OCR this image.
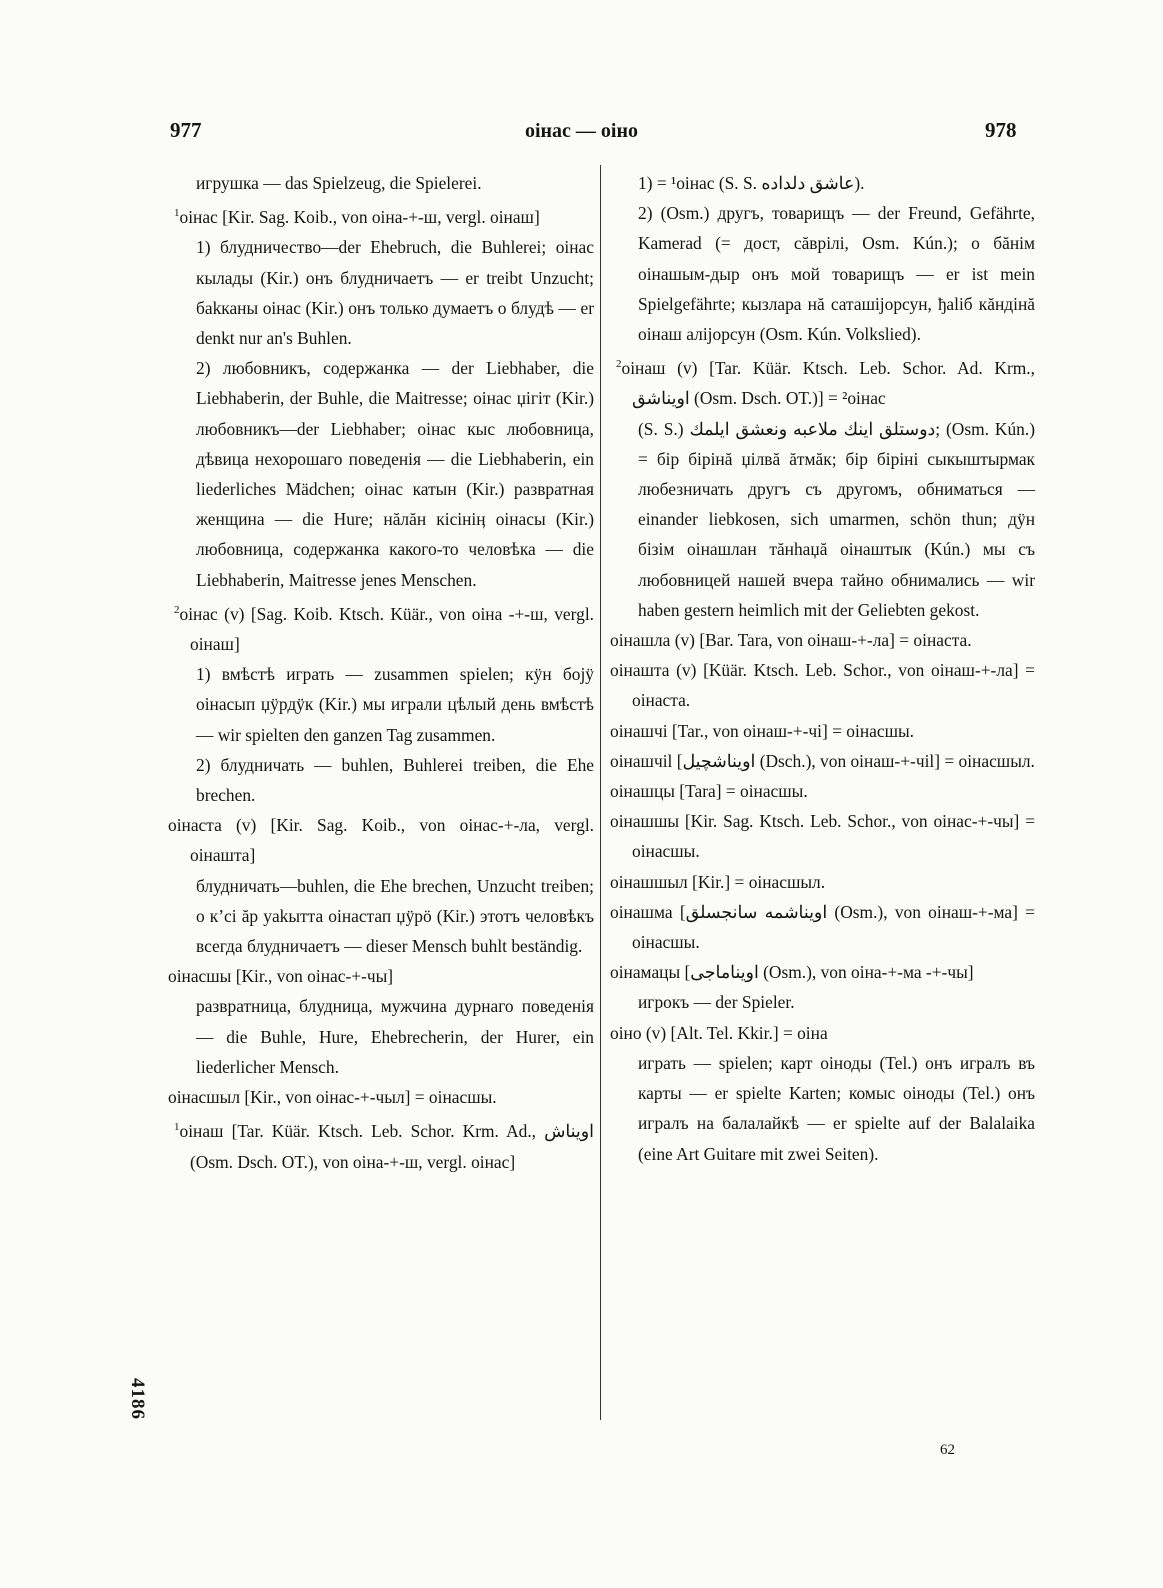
977	оінас — оіно	978

игрушка — das Spielzeug, die Spielerei.

$^1$оінас [Kir. Sag. Koib., von оіна-+-ш, vergl. оінаш]

1) блудничество—der Ehebruch, die Buhlerei; оінас кылады (Kir.) онъ блудничаетъ — er treibt Unzucht; бakканы оінас (Kir.) онъ только думаетъ о блудѣ — er denkt nur an's Buhlen.

2) любовникъ, содержанка — der Liebhaber, die Liebhaberin, der Buhle, die Maitresse; оінас џігіт (Kir.) любовникъ—der Liebhaber; оінас кыс любовница, дѣвица нехорошаго поведенія — die Liebhaberin, ein liederliches Mädchen; оінас катын (Kir.) развратная женщина — die Hure; нăлăн кісініӊ оінасы (Kir.) любовница, содержанка какого-то человѣка — die Liebhaberin, Maitresse jenes Menschen.

$^2$оінас (v) [Sag. Koib. Ktsch. Küär., von оіна -+-ш, vergl. оінаш]

1) вмѣстѣ играть — zusammen spielen; кӱн бојӱ оінасып џӱрдӱк (Kir.) мы играли цѣлый день вмѣстѣ — wir spielten den ganzen Tag zusammen.

2) блудничать — buhlen, Buhlerei treiben, die Ehe brechen.

оінаста (v) [Kir. Sag. Koib., von оінас-+-ла, vergl. оінашта]

блудничать—buhlen, die Ehe brechen, Unzucht treiben; о к’сі ăр yakытта оінастап џӱрö (Kir.) этотъ человѣкъ всегда блудничаетъ — dieser Mensch buhlt beständig.

оінасшы [Kir., von оінас-+-чы]

развратница, блудница, мужчина дурнаго поведенія — die Buhle, Hure, Ehebrecherin, der Hurer, ein liederlicher Mensch.

оінасшыл [Kir., von оінас-+-чыл] = оінасшы.

$^1$оінаш [Tar. Küär. Ktsch. Leb. Schor. Krm. Ad., اويناش (Osm. Dsch. OT.), von оіна-+-ш, vergl. оінас]

1) = ¹оінас (S. S. عاشق دلداده).

2) (Osm.) другъ, товарищъ — der Freund, Gefährte, Kamerad (= дост, сăврілі, Osm. Kún.); о бăнім оінашым-дыр онъ мой товарищъ — er ist mein Spielgefährte; кызлара нă саташіјорсун, ђaliб кăндінă оінаш алiјорсун (Osm. Kún. Volkslied).

$^2$оінаш (v) [Tar. Küär. Ktsch. Leb. Schor. Ad. Krm., اويناشق (Osm. Dsch. OT.)] = ²оінас

(S. S.) دوستلق اينك ملاعبه ونعشق ايلمك; (Osm. Kún.) = бір бірінă џiлвă ăтмăк; бір бірінi сыкыштырмак любезничать другъ съ другомъ, обниматься — einander liebkosen, sich umarmen, schön thun; дӱн бізім оінашлан тăнhaџă оінаштык (Kún.) мы съ любовницей нашей вчера тайно обнимались — wir haben gestern heimlich mit der Geliebten gekost.

оінашла (v) [Bar. Tara, von оінаш-+-ла] = оінаста.

оінашта (v) [Küär. Ktsch. Leb. Schor., von оінаш-+-ла] = оінаста.

оінашчі [Tar., von оінаш-+-чі] = оінасшы.

оінашчіl [اويناشچيل (Dsch.), von оінаш-+-чіl] = оінасшыл.

оінашцы [Tara] = оінасшы.

оінашшы [Kir. Sag. Ktsch. Leb. Schor., von оінас-+-чы] = оінасшы.

оінашшыл [Kir.] = оінасшыл.

оінашма [اويناشمه سانجسلق (Osm.), von оінаш-+-ма] = оінасшы.

оінамацы [اويناماجى (Osm.), von оіна-+-ма -+-чы]

игрокъ — der Spieler.

оіно (v) [Alt. Tel. Kkir.] = оіна

играть — spielen; карт оіноды (Tel.) онъ игралъ въ карты — er spielte Karten; комыс оіноды (Tel.) онъ игралъ на балалайкѣ — er spielte auf der Balalaika (eine Art Guitare mit zwei Seiten).

4186
62
